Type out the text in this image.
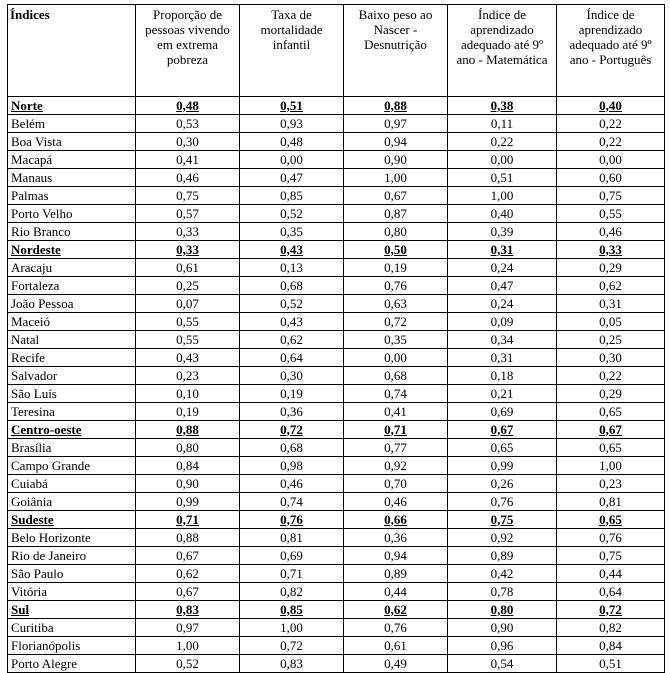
Índices	Proporção de pessoas vivendo em extrema pobreza	Taxa de mortalidade infantil	Baixo peso ao Nascer - Desnutrição	Índice de aprendizado adequado até 9º ano - Matemática	Índice de aprendizado adequado até 9º ano - Português
Norte	0,48	0,51	0,88	0,38	0,40
Belém	0,53	0,93	0,97	0,11	0,22
Boa Vista	0,30	0,48	0,94	0,22	0,22
Macapá	0,41	0,00	0,90	0,00	0,00
Manaus	0,46	0,47	1,00	0,51	0,60
Palmas	0,75	0,85	0,67	1,00	0,75
Porto Velho	0,57	0,52	0,87	0,40	0,55
Rio Branco	0,33	0,35	0,80	0,39	0,46
Nordeste	0,33	0,43	0,50	0,31	0,33
Aracaju	0,61	0,13	0,19	0,24	0,29
Fortaleza	0,25	0,68	0,76	0,47	0,62
João Pessoa	0,07	0,52	0,63	0,24	0,31
Maceió	0,55	0,43	0,72	0,09	0,05
Natal	0,55	0,62	0,35	0,34	0,25
Recife	0,43	0,64	0,00	0,31	0,30
Salvador	0,23	0,30	0,68	0,18	0,22
São Luís	0,10	0,19	0,74	0,21	0,29
Teresina	0,19	0,36	0,41	0,69	0,65
Centro-oeste	0,88	0,72	0,71	0,67	0,67
Brasília	0,80	0,68	0,77	0,65	0,65
Campo Grande	0,84	0,98	0,92	0,99	1,00
Cuiabá	0,90	0,46	0,70	0,26	0,23
Goiânia	0,99	0,74	0,46	0,76	0,81
Sudeste	0,71	0,76	0,66	0,75	0,65
Belo Horizonte	0,88	0,81	0,36	0,92	0,76
Rio de Janeiro	0,67	0,69	0,94	0,89	0,75
São Paulo	0,62	0,71	0,89	0,42	0,44
Vitória	0,67	0,82	0,44	0,78	0,64
Sul	0,83	0,85	0,62	0,80	0,72
Curitiba	0,97	1,00	0,76	0,90	0,82
Florianópolis	1,00	0,72	0,61	0,96	0,84
Porto Alegre	0,52	0,83	0,49	0,54	0,51
